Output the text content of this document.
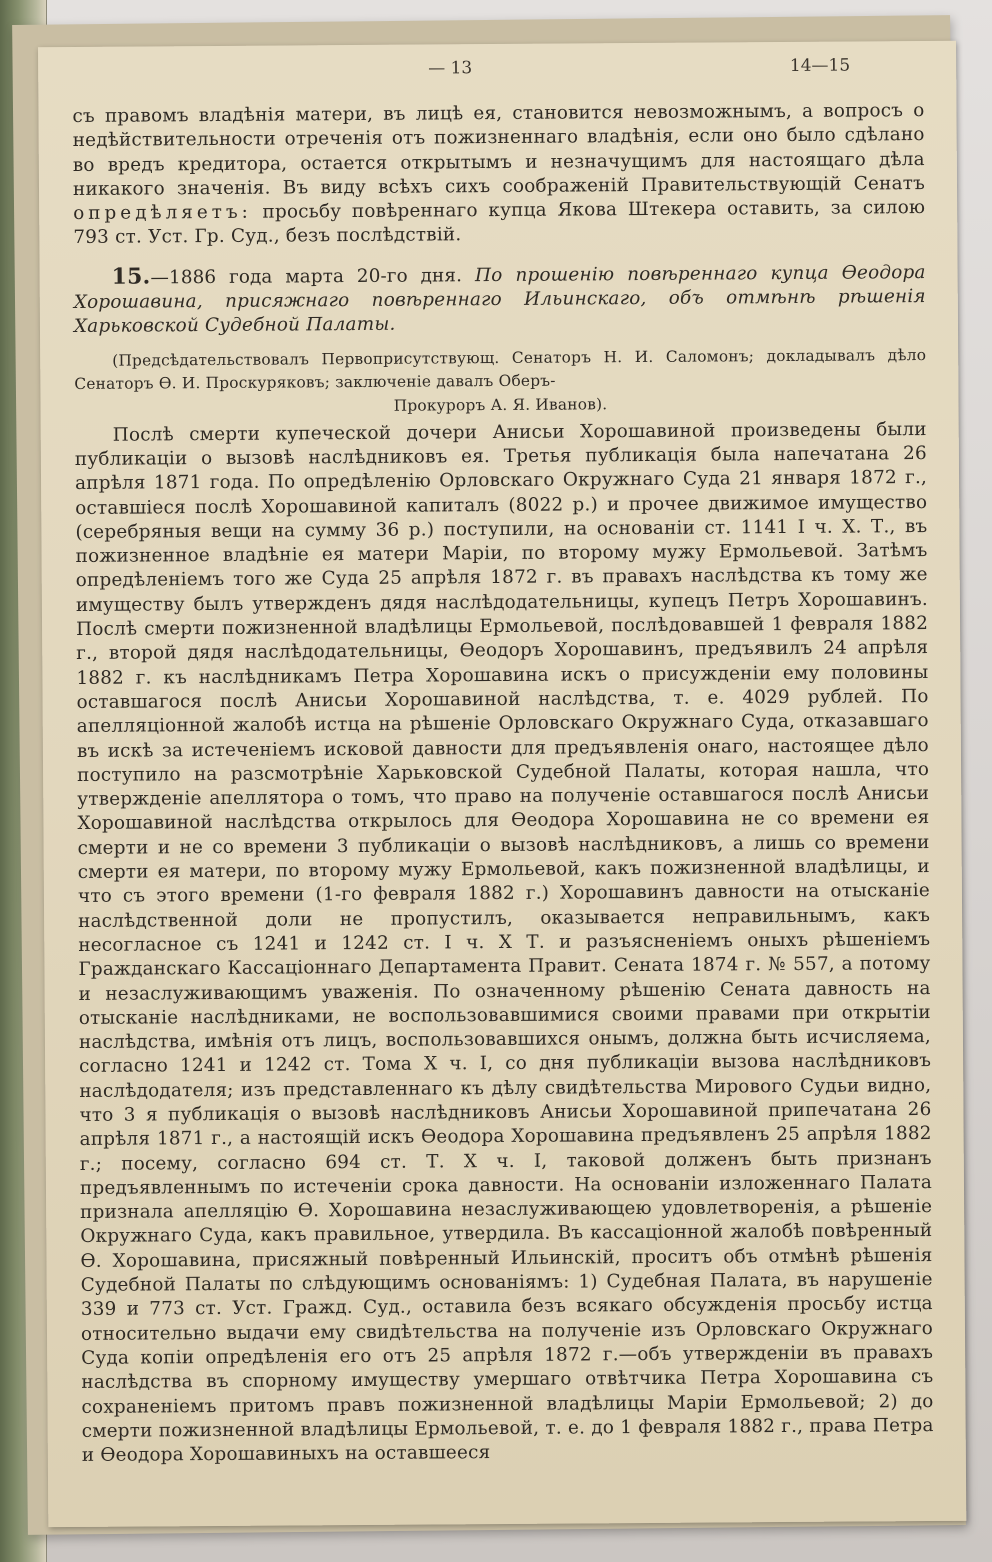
— 13	14—15

съ правомъ владѣнія матери, въ лицѣ ея, становится невозможнымъ, а вопросъ о недѣйствительности отреченія отъ пожизненнаго владѣнія, если оно было сдѣлано во вредъ кредитора, остается открытымъ и незначущимъ для настоящаго дѣла никакого значенія. Въ виду всѣхъ сихъ соображеній Правительствующій Сенатъ опредѣляетъ: просьбу повѣреннаго купца Якова Штекера оставить, за силою 793 ст. Уст. Гр. Суд., безъ послѣдствій.

15.—1886 года марта 20-го дня. По прошенію повѣреннаго купца Ѳеодора Хорошавина, присяжнаго повѣреннаго Ильинскаго, объ отмѣнѣ рѣшенія Харьковской Судебной Палаты.

(Предсѣдательствовалъ Первоприсутствующ. Сенаторъ Н. И. Саломонъ; докладывалъ дѣло Сенаторъ Ѳ. И. Проскуряковъ; заключеніе давалъ Оберъ-

Прокуроръ А. Я. Иванов).

Послѣ смерти купеческой дочери Анисьи Хорошавиной произведены были публикаціи о вызовѣ наслѣдниковъ ея. Третья публикація была напечатана 26 апрѣля 1871 года. По опредѣленію Орловскаго Окружнаго Суда 21 января 1872 г., оставшіеся послѣ Хорошавиной капиталъ (8022 р.) и прочее движимое имущество (серебряныя вещи на сумму 36 р.) поступили, на основаніи ст. 1141 І ч. Х. Т., въ пожизненное владѣніе ея матери Маріи, по второму мужу Ермольевой. Затѣмъ опредѣленіемъ того же Суда 25 апрѣля 1872 г. въ правахъ наслѣдства къ тому же имуществу былъ утвержденъ дядя наслѣдодательницы, купецъ Петръ Хорошавинъ. Послѣ смерти пожизненной владѣлицы Ермольевой, послѣдовавшей 1 февраля 1882 г., второй дядя наслѣдодательницы, Ѳеодоръ Хорошавинъ, предъявилъ 24 апрѣля 1882 г. къ наслѣдникамъ Петра Хорошавина искъ о присужденіи ему половины оставшагося послѣ Анисьи Хорошавиной наслѣдства, т. е. 4029 рублей. По апелляціонной жалобѣ истца на рѣшеніе Орловскаго Окружнаго Суда, отказавшаго въ искѣ за истеченіемъ исковой давности для предъявленія онаго, настоящее дѣло поступило на разсмотрѣніе Харьковской Судебной Палаты, которая нашла, что утвержденіе апеллятора о томъ, что право на полученіе оставшагося послѣ Анисьи Хорошавиной наслѣдства открылось для Ѳеодора Хорошавина не со времени ея смерти и не со времени 3 публикаціи о вызовѣ наслѣдниковъ, а лишь со времени смерти ея матери, по второму мужу Ермольевой, какъ пожизненной владѣлицы, и что съ этого времени (1-го февраля 1882 г.) Хорошавинъ давности на отысканіе наслѣдственной доли не пропустилъ, оказывается неправильнымъ, какъ несогласное съ 1241 и 1242 ст. І ч. Х Т. и разъясненіемъ оныхъ рѣшеніемъ Гражданскаго Кассаціоннаго Департамента Правит. Сената 1874 г. № 557, а потому и незаслуживающимъ уваженія. По означенному рѣшенію Сената давность на отысканіе наслѣдниками, не воспользовавшимися своими правами при открытіи наслѣдства, имѣнія отъ лицъ, воспользовавшихся онымъ, должна быть исчисляема, согласно 1241 и 1242 ст. Тома Х ч. І, со дня публикаціи вызова наслѣдниковъ наслѣдодателя; изъ представленнаго къ дѣлу свидѣтельства Мирового Судьи видно, что 3 я публикація о вызовѣ наслѣдниковъ Анисьи Хорошавиной припечатана 26 апрѣля 1871 г., а настоящій искъ Ѳеодора Хорошавина предъявленъ 25 апрѣля 1882 г.; посему, согласно 694 ст. Т. Х ч. І, таковой долженъ быть признанъ предъявленнымъ по истеченіи срока давности. На основаніи изложеннаго Палата признала апелляцію Ѳ. Хорошавина незаслуживающею удовлетворенія, а рѣшеніе Окружнаго Суда, какъ правильное, утвердила. Въ кассаціонной жалобѣ повѣренный Ѳ. Хорошавина, присяжный повѣренный Ильинскій, проситъ объ отмѣнѣ рѣшенія Судебной Палаты по слѣдующимъ основаніямъ: 1) Судебная Палата, въ нарушеніе 339 и 773 ст. Уст. Гражд. Суд., оставила безъ всякаго обсужденія просьбу истца относительно выдачи ему свидѣтельства на полученіе изъ Орловскаго Окружнаго Суда копіи опредѣленія его отъ 25 апрѣля 1872 г.—объ утвержденіи въ правахъ наслѣдства въ спорному имуществу умершаго отвѣтчика Петра Хорошавина съ сохраненіемъ притомъ правъ пожизненной владѣлицы Маріи Ермольевой; 2) до смерти пожизненной владѣлицы Ермольевой, т. е. до 1 февраля 1882 г., права Петра и Ѳеодора Хорошавиныхъ на оставшееся
